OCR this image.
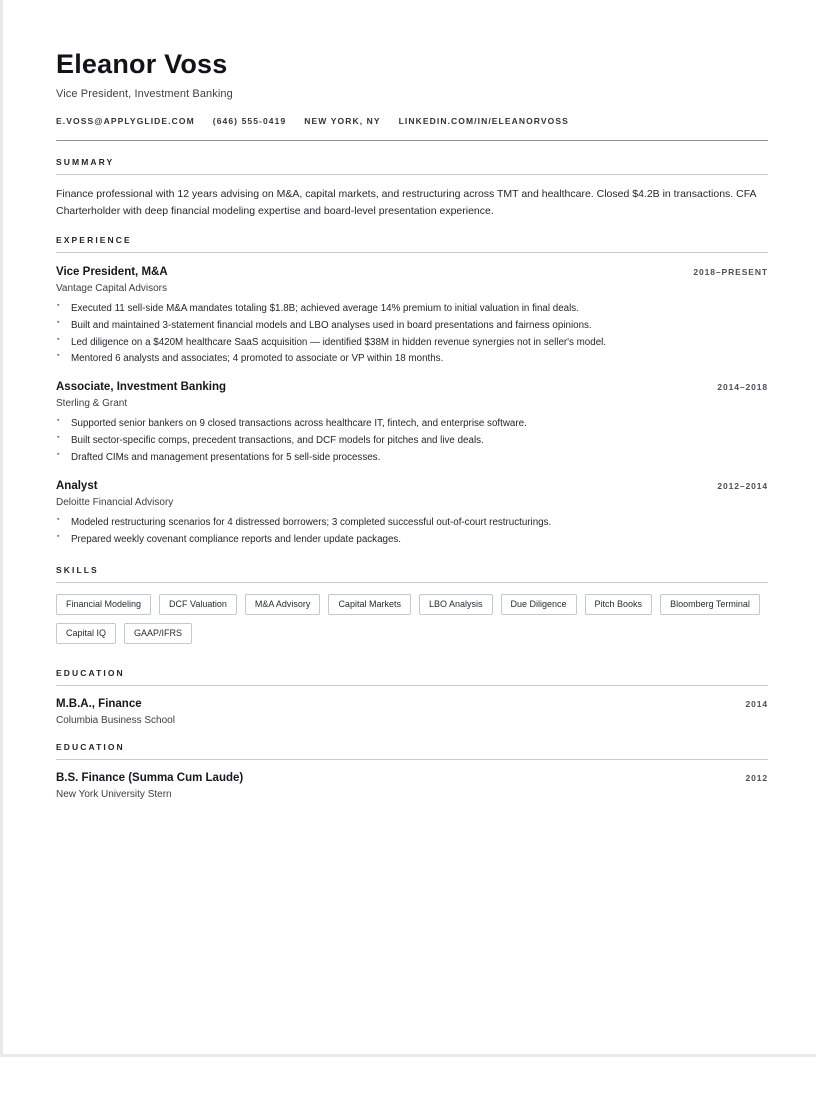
Eleanor Voss
Vice President, Investment Banking
E.VOSS@APPLYGLIDE.COM (646) 555-0419 NEW YORK, NY LINKEDIN.COM/IN/ELEANORVOSS
SUMMARY
Finance professional with 12 years advising on M&A, capital markets, and restructuring across TMT and healthcare. Closed $4.2B in transactions. CFA Charterholder with deep financial modeling expertise and board-level presentation experience.
EXPERIENCE
Vice President, M&A	2018–PRESENT
Vantage Capital Advisors
▪ Executed 11 sell-side M&A mandates totaling $1.8B; achieved average 14% premium to initial valuation in final deals.
▪ Built and maintained 3-statement financial models and LBO analyses used in board presentations and fairness opinions.
▪ Led diligence on a $420M healthcare SaaS acquisition — identified $38M in hidden revenue synergies not in seller's model.
▪ Mentored 6 analysts and associates; 4 promoted to associate or VP within 18 months.
Associate, Investment Banking	2014–2018
Sterling & Grant
▪ Supported senior bankers on 9 closed transactions across healthcare IT, fintech, and enterprise software.
▪ Built sector-specific comps, precedent transactions, and DCF models for pitches and live deals.
▪ Drafted CIMs and management presentations for 5 sell-side processes.
Analyst	2012–2014
Deloitte Financial Advisory
▪ Modeled restructuring scenarios for 4 distressed borrowers; 3 completed successful out-of-court restructurings.
▪ Prepared weekly covenant compliance reports and lender update packages.
SKILLS
Financial Modeling	DCF Valuation	M&A Advisory	Capital Markets	LBO Analysis	Due Diligence	Pitch Books	Bloomberg Terminal
Capital IQ	GAAP/IFRS
EDUCATION
M.B.A., Finance	2014
Columbia Business School
EDUCATION
B.S. Finance (Summa Cum Laude)	2012
New York University Stern
